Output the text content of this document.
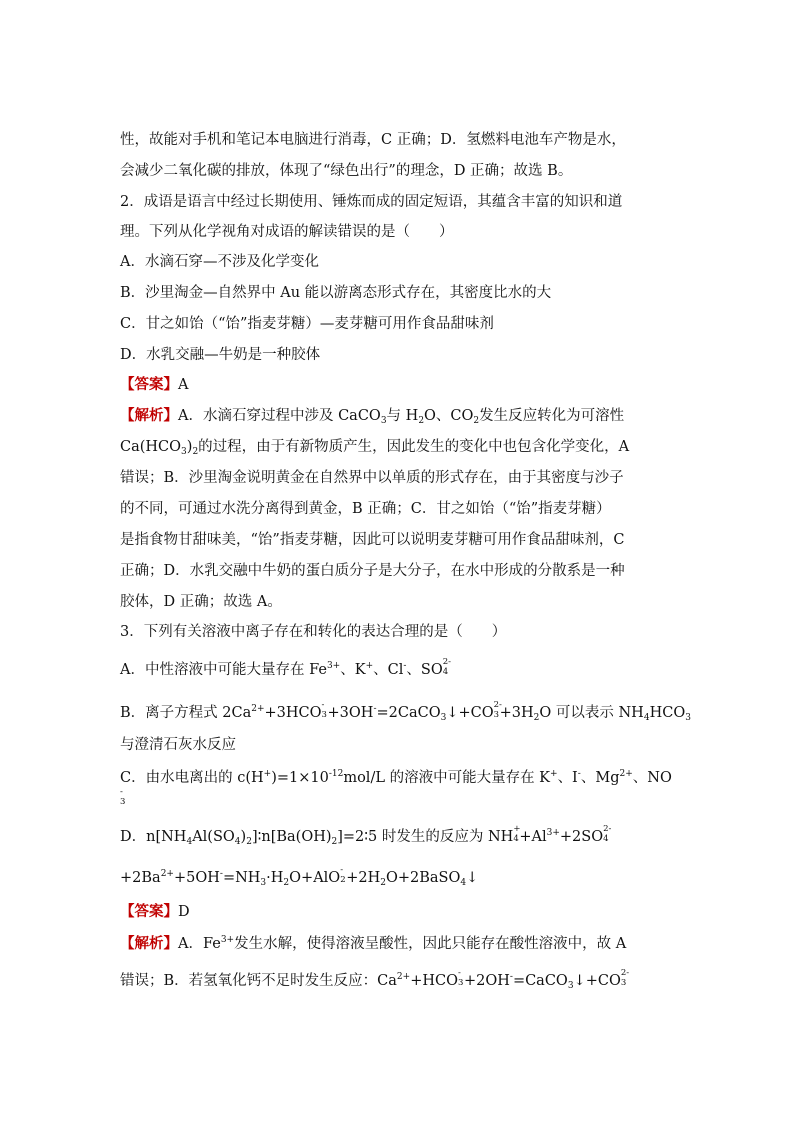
性，故能对手机和笔记本电脑进行消毒，C 正确；D．氢燃料电池车产物是水，
会减少二氧化碳的排放，体现了“绿色出行”的理念，D 正确；故选 B。
2．成语是语言中经过长期使用、锤炼而成的固定短语，其蕴含丰富的知识和道
理。下列从化学视角对成语的解读错误的是（　　）
A．水滴石穿—不涉及化学变化
B．沙里淘金—自然界中 Au 能以游离态形式存在，其密度比水的大
C．甘之如饴（“饴”指麦芽糖）—麦芽糖可用作食品甜味剂
D．水乳交融—牛奶是一种胶体
【答案】A
【解析】A．水滴石穿过程中涉及 CaCO$_3$与 $H_2O$、$CO_2$发生反应转化为可溶性
$Ca(HCO_3)_2$的过程，由于有新物质产生，因此发生的变化中也包含化学变化，A
错误；B．沙里淘金说明黄金在自然界中以单质的形式存在，由于其密度与沙子
的不同，可通过水洗分离得到黄金，B 正确；C．甘之如饴（“饴”指麦芽糖）
是指食物甘甜味美，“饴”指麦芽糖，因此可以说明麦芽糖可用作食品甜味剂，C
正确；D．水乳交融中牛奶的蛋白质分子是大分子，在水中形成的分散系是一种
胶体，D 正确；故选 A。
3．下列有关溶液中离子存在和转化的表达合理的是（　　）
A．中性溶液中可能大量存在 $Fe^{3+}$、K+、Cl-、SO 2-
4
B．离子方程式 $2Ca^{2+}+3HCO$ -
3 +3OH-=2CaCO$_3$↓+CO 2-
$3 +3H_2O$ 可以表示 $NH_4HCO_3$
与澄清石灰水反应
C．由水电离出的 $c(H^+)=1\times 10^{-12}mol/L$ 的溶液中可能大量存在 K+、I-、$Mg^{2+}$、NO
-
3
D．$n[NH_4Al(SO_4)_2]∶n[Ba(OH)_2]=2∶5$ 时发生的反应为 NH +
$4 +Al^{3+}+2SO$ 2-
4
$+2Ba^{2+}+5OH^-=NH_3\cdot H_2O+AlO$ -
$2 +2H_2O+2BaSO_4↓$
【答案】D
【解析】A．$Fe^{3+}$发生水解，使得溶液呈酸性，因此只能存在酸性溶液中，故 A
错误；B．若氢氧化钙不足时发生反应：$Ca^{2+}+HCO$ -
3 +2OH-=CaCO$_3$↓+CO 2-
3
